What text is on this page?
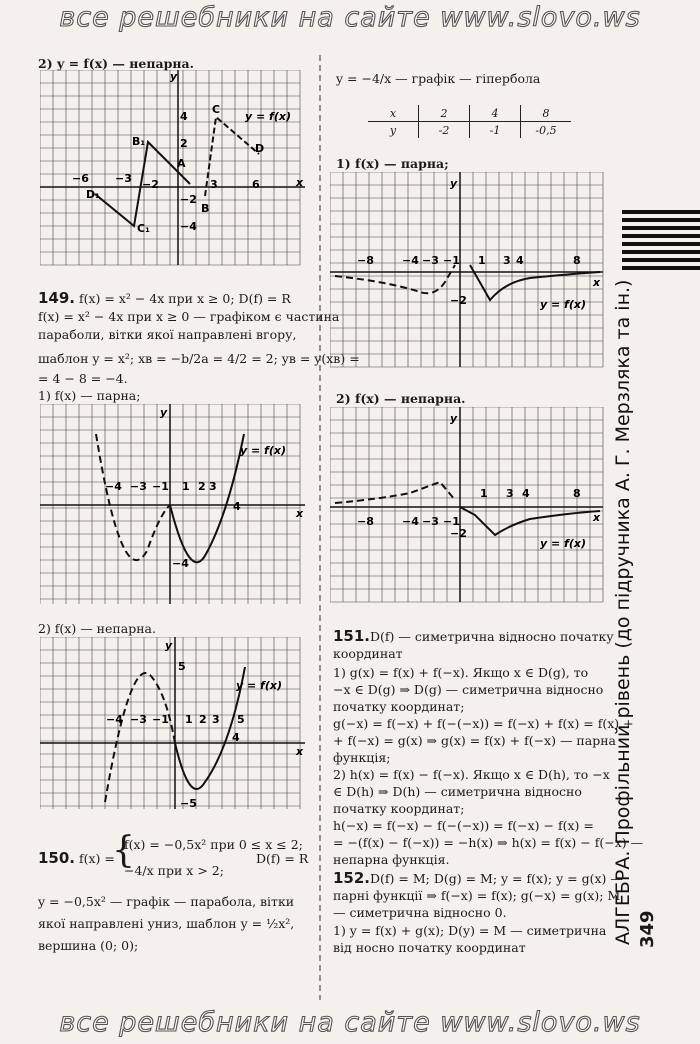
все решебники на сайте www.slovo.ws
все решебники на сайте www.slovo.ws
2) y = f(x) — непарна.
C
B₁
A
D₁
C₁
B
D
y = f(x)
−6 −3 −2	3	6
4
2
−2
−4
x
y
149. f(x) = x² − 4x при x ≥ 0; D(f) = R
f(x) = x² − 4x при x ≥ 0 — графіком є частина
параболи, вітки якої направлені вгору,
шаблон y = x²; xв = −b/2a = 4/2 = 2; yв = y(xв) =
= 4 − 8 = −4.
1) f(x) — парна;
−4 −3 −1 1 2 3
4
−4
y = f(x)
x
y
2) f(x) — непарна.
−4 −3 −1 1 2 3 5
5
4
−5
y = f(x)
x
y
150. f(x) =
{
f(x) = −0,5x² при 0 ≤ x ≤ 2;
−4/x при x > 2;
D(f) = R
y = −0,5x² — графік — парабола, вітки
якої направлені униз, шаблон y = ½x²,
вершина (0; 0);
y = −4/x — графік — гіпербола
x	2	4	8
y	-2	-1	-0,5
1) f(x) — парна;
−8	−4 −3 −1 1 3 4	8
−2	y = f(x)
x
y
2) f(x) — непарна.
−8	−4 −3 −1
1 3 4	8
−2
y = f(x)
x
y
151.D(f) — симетрична відносно початку
координат
1) g(x) = f(x) + f(−x). Якщо x ∈ D(g), то
−x ∈ D(g) ⇒ D(g) — симетрична відносно
початку координат;
g(−x) = f(−x) + f(−(−x)) = f(−x) + f(x) = f(x) +
+ f(−x) = g(x) ⇒ g(x) = f(x) + f(−x) — парна
функція;
2) h(x) = f(x) − f(−x). Якщо x ∈ D(h), то −x
∈ D(h) ⇒ D(h) — симетрична відносно
початку координат;
h(−x) = f(−x) − f(−(−x)) = f(−x) − f(x) =
= −(f(x) − f(−x)) = −h(x) ⇒ h(x) = f(x) − f(−x) —
непарна функція.
152.D(f) = M; D(g) = M; y = f(x); y = g(x) —
парні функції ⇒ f(−x) = f(x); g(−x) = g(x); M
— симетрична відносно 0.
1) y = f(x) + g(x); D(y) = M — симетрична
від носно початку координат
АЛГЕБРА. Профільний рівень (до підручника А. Г. Мерзляка та ін.) 349
